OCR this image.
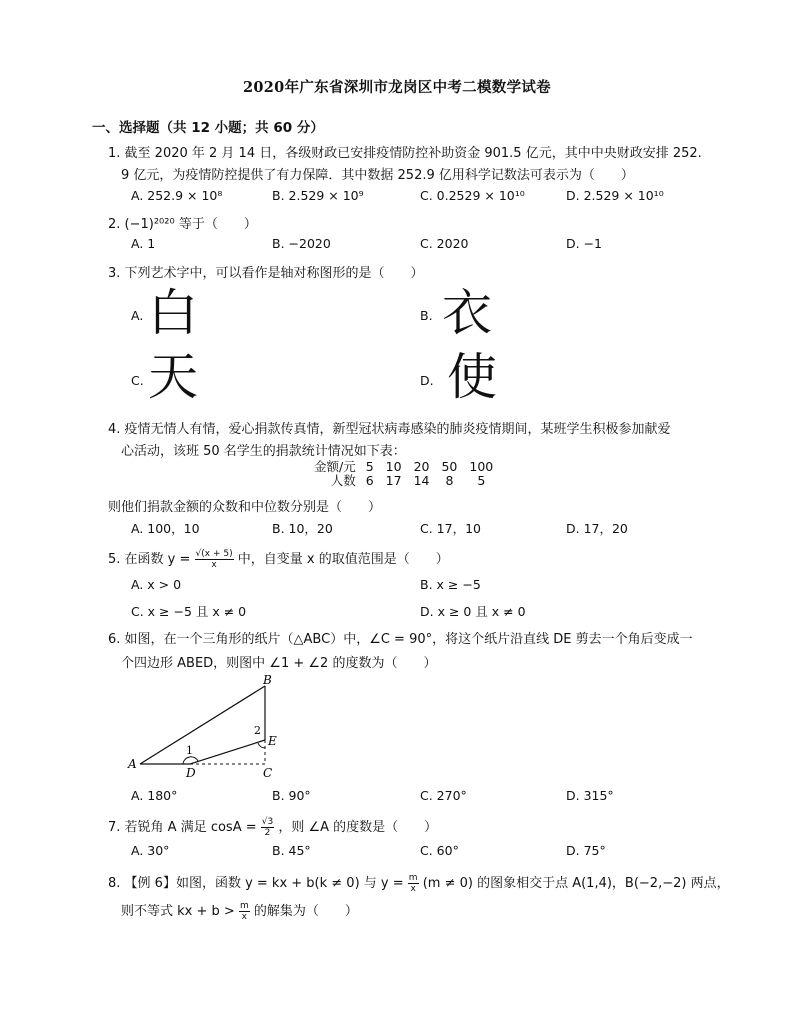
2020年广东省深圳市龙岗区中考二模数学试卷
一、选择题（共 12 小题；共 60 分）
1. 截至 2020 年 2 月 14 日，各级财政已安排疫情防控补助资金 901.5 亿元，其中中央财政安排 252.
9 亿元，为疫情防控提供了有力保障．其中数据 252.9 亿用科学记数法可表示为（　　）
A. 252.9 × 10⁸	B. 2.529 × 10⁹	C. 0.2529 × 10¹⁰	D. 2.529 × 10¹⁰
2. (−1)²⁰²⁰ 等于（　　）
A. 1	B. −2020	C. 2020	D. −1
3. 下列艺术字中，可以看作是轴对称图形的是（　　）
A. 白	B. 衣
C. 天	D. 使
4. 疫情无情人有情，爱心捐款传真情，新型冠状病毒感染的肺炎疫情期间，某班学生积极参加献爱
心活动，该班 50 名学生的捐款统计情况如下表：
金额/元	5	10	20	50	100
人数	6	17	14	8	5
则他们捐款金额的众数和中位数分别是（　　）
A. 100，10	B. 10，20	C. 17，10	D. 17，20
5. 在函数 $y = \frac{√(x + 5)}{x}$ 中，自变量 x 的取值范围是（　　）
A. x > 0	B. x ≥ −5
C. x ≥ −5 且 x ≠ 0	D. x ≥ 0 且 x ≠ 0
6. 如图，在一个三角形的纸片（△ABC）中，∠C = 90°，将这个纸片沿直线 DE 剪去一个角后变成一
个四边形 ABED，则图中 ∠1 + ∠2 的度数为（　　）
A
B
C
D
E
1
2
A. 180°	B. 90°	C. 270°	D. 315°
7. 若锐角 A 满足 $\cos A = \frac{√3}{2}$ ，则 ∠A 的度数是（　　）
A. 30°	B. 45°	C. 60°	D. 75°
8. 【例 6】如图，函数 y = kx + b(k ≠ 0) 与 $y = \frac{m}{x} (m \ne 0)$ 的图象相交于点 A(1,4)，B(−2,−2) 两点，
则不等式 kx + $b > \frac{m}{x}$ 的解集为（　　）
